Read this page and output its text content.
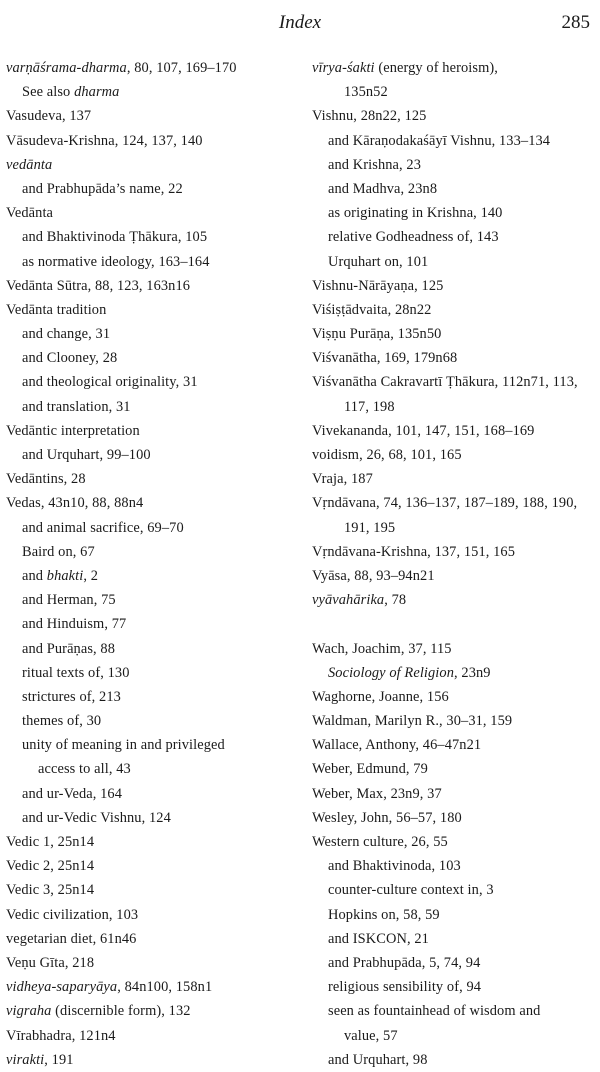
Index	285
varṇāśrama-dharma, 80, 107, 169–170
See also dharma
Vasudeva, 137
Vāsudeva-Krishna, 124, 137, 140
vedānta
and Prabhupāda’s name, 22
Vedānta
and Bhaktivinoda Ṭhākura, 105
as normative ideology, 163–164
Vedānta Sūtra, 88, 123, 163n16
Vedānta tradition
and change, 31
and Clooney, 28
and theological originality, 31
and translation, 31
Vedāntic interpretation
and Urquhart, 99–100
Vedāntins, 28
Vedas, 43n10, 88, 88n4
and animal sacrifice, 69–70
Baird on, 67
and bhakti, 2
and Herman, 75
and Hinduism, 77
and Purāṇas, 88
ritual texts of, 130
strictures of, 213
themes of, 30
unity of meaning in and privileged
access to all, 43
and ur-Veda, 164
and ur-Vedic Vishnu, 124
Vedic 1, 25n14
Vedic 2, 25n14
Vedic 3, 25n14
Vedic civilization, 103
vegetarian diet, 61n46
Veṇu Gīta, 218
vidheya-saparyāya, 84n100, 158n1
vigraha (discernible form), 132
Vīrabhadra, 121n4
virakti, 191
vīrya-śakti (energy of heroism),
135n52
Vishnu, 28n22, 125
and Kāraṇodakaśāyī Vishnu, 133–134
and Krishna, 23
and Madhva, 23n8
as originating in Krishna, 140
relative Godheadness of, 143
Urquhart on, 101
Vishnu-Nārāyaṇa, 125
Viśiṣṭādvaita, 28n22
Viṣṇu Purāṇa, 135n50
Viśvanātha, 169, 179n68
Viśvanātha Cakravartī Ṭhākura, 112n71, 113,
117, 198
Vivekananda, 101, 147, 151, 168–169
voidism, 26, 68, 101, 165
Vraja, 187
Vṛndāvana, 74, 136–137, 187–189, 188, 190,
191, 195
Vṛndāvana-Krishna, 137, 151, 165
Vyāsa, 88, 93–94n21
vyāvahārika, 78
Wach, Joachim, 37, 115
Sociology of Religion, 23n9
Waghorne, Joanne, 156
Waldman, Marilyn R., 30–31, 159
Wallace, Anthony, 46–47n21
Weber, Edmund, 79
Weber, Max, 23n9, 37
Wesley, John, 56–57, 180
Western culture, 26, 55
and Bhaktivinoda, 103
counter-culture context in, 3
Hopkins on, 58, 59
and ISKCON, 21
and Prabhupāda, 5, 74, 94
religious sensibility of, 94
seen as fountainhead of wisdom and
value, 57
and Urquhart, 98
